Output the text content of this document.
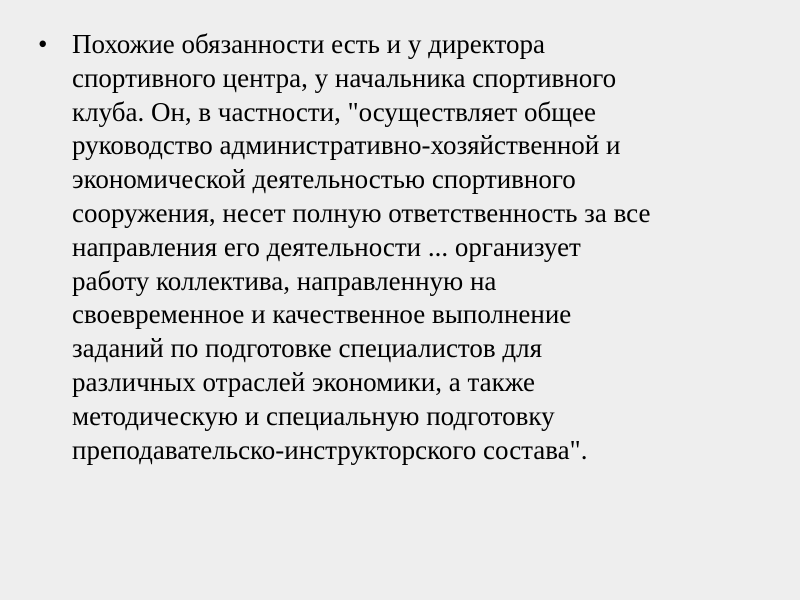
• Похожие обязанности есть и у директора
спортивного центра, у начальника спортивного
клуба. Он, в частности, "осуществляет общее
руководство административно-хозяйственной и
экономической деятельностью спортивного
сооружения, несет полную ответственность за все
направления его деятельности ... организует
работу коллектива, направленную на
своевременное и качественное выполнение
заданий по подготовке специалистов для
различных отраслей экономики, а также
методическую и специальную подготовку
преподавательско-инструкторского состава".
